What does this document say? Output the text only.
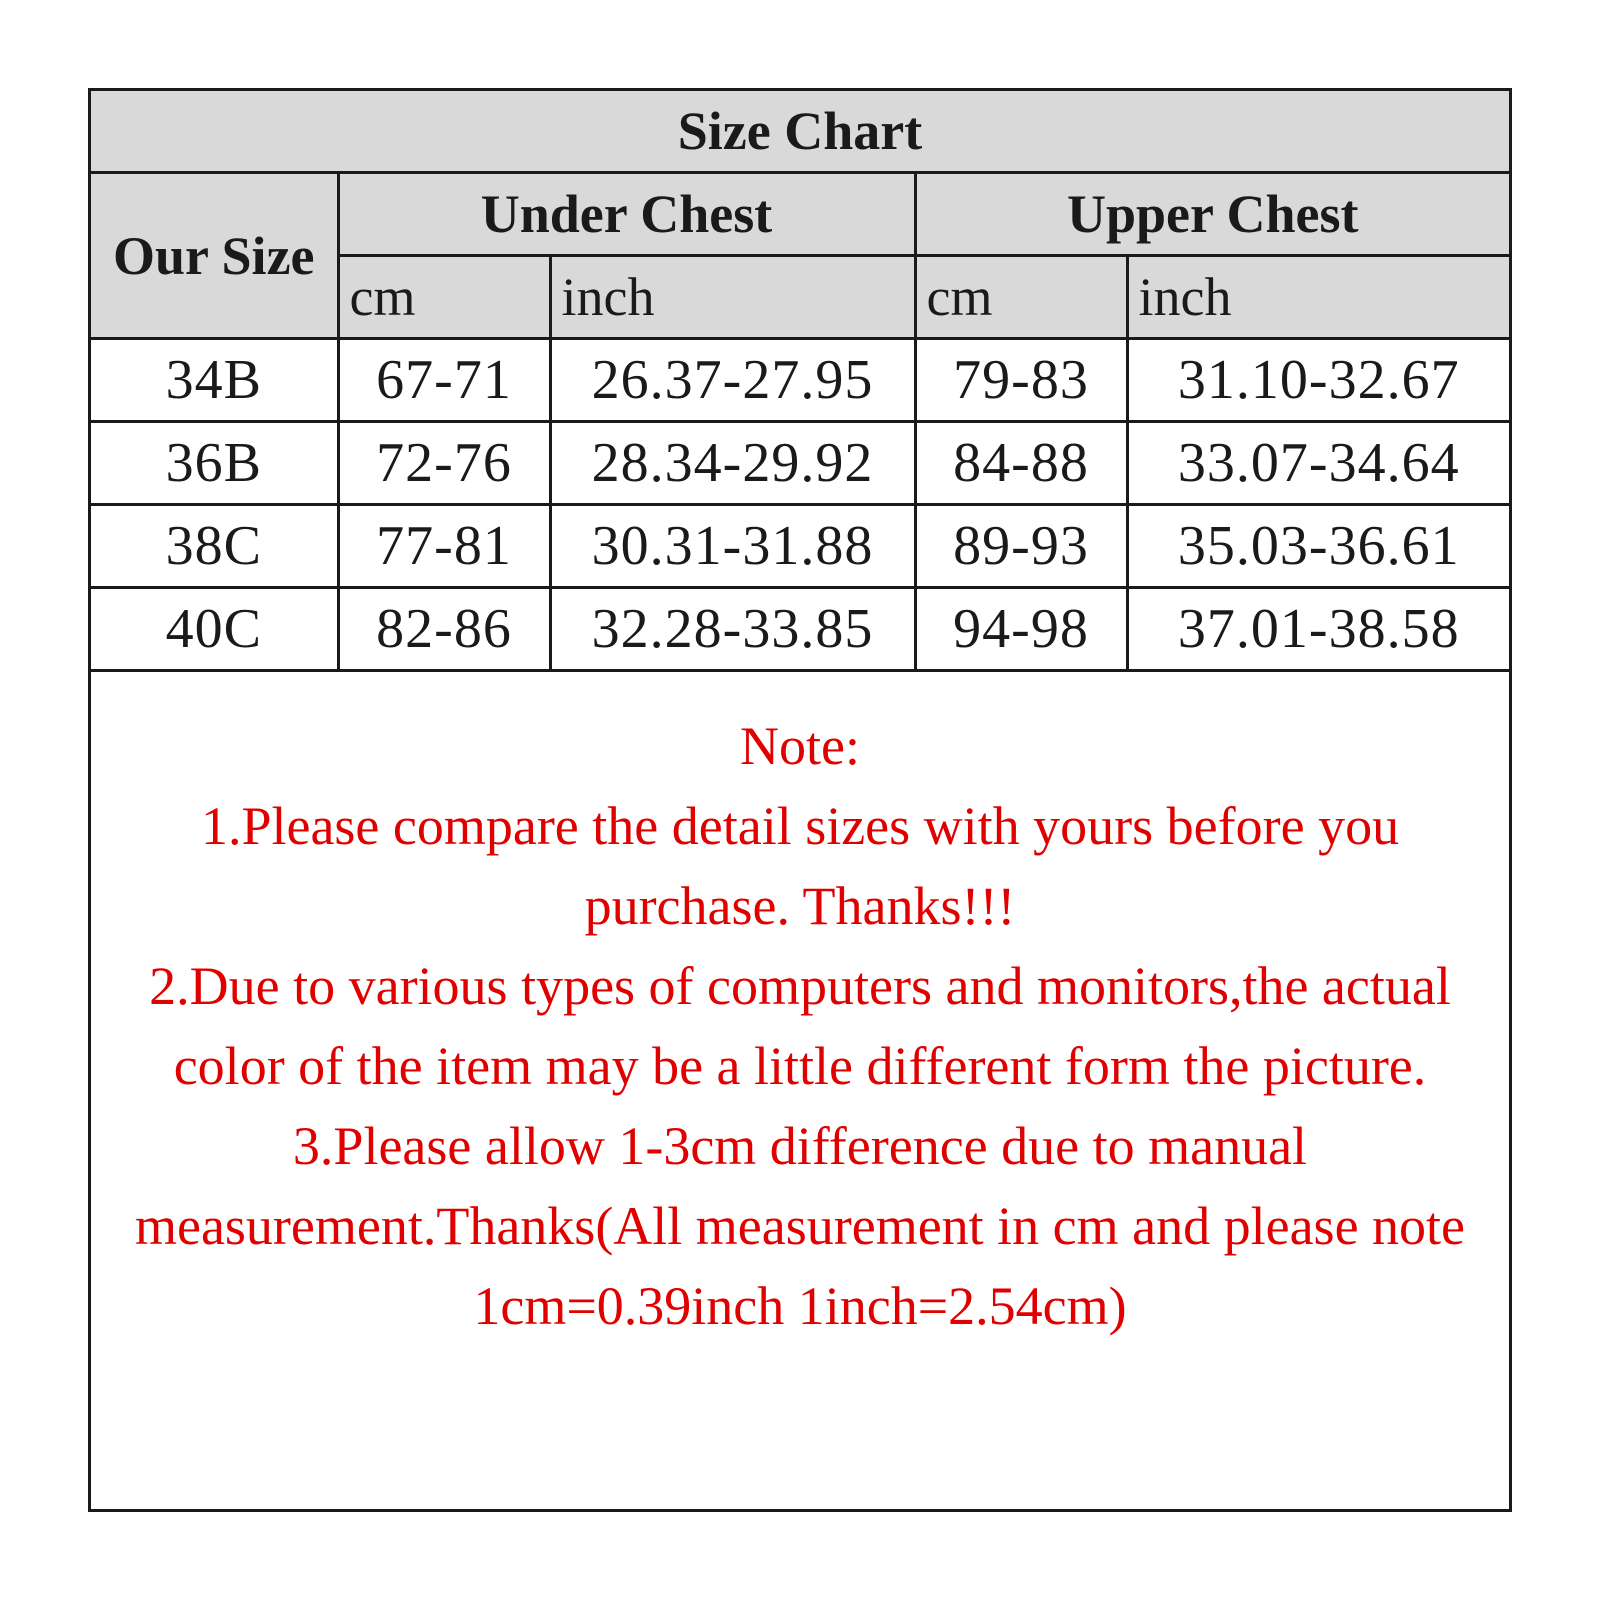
Size Chart				
Our Size	Under Chest		Upper Chest	
	cm	inch	cm	inch
34B	67-71	26.37-27.95	79-83	31.10-32.67
36B	72-76	28.34-29.92	84-88	33.07-34.64
38C	77-81	30.31-31.88	89-93	35.03-36.61
40C	82-86	32.28-33.85	94-98	37.01-38.58

Note:

1.Please compare the detail sizes with yours before you purchase. Thanks!!!

2.Due to various types of computers and monitors,the actual color of the item may be a little different form the picture.

3.Please allow 1-3cm difference due to manual measurement.Thanks(All measurement in cm and please note 1cm=0.39inch 1inch=2.54cm)
